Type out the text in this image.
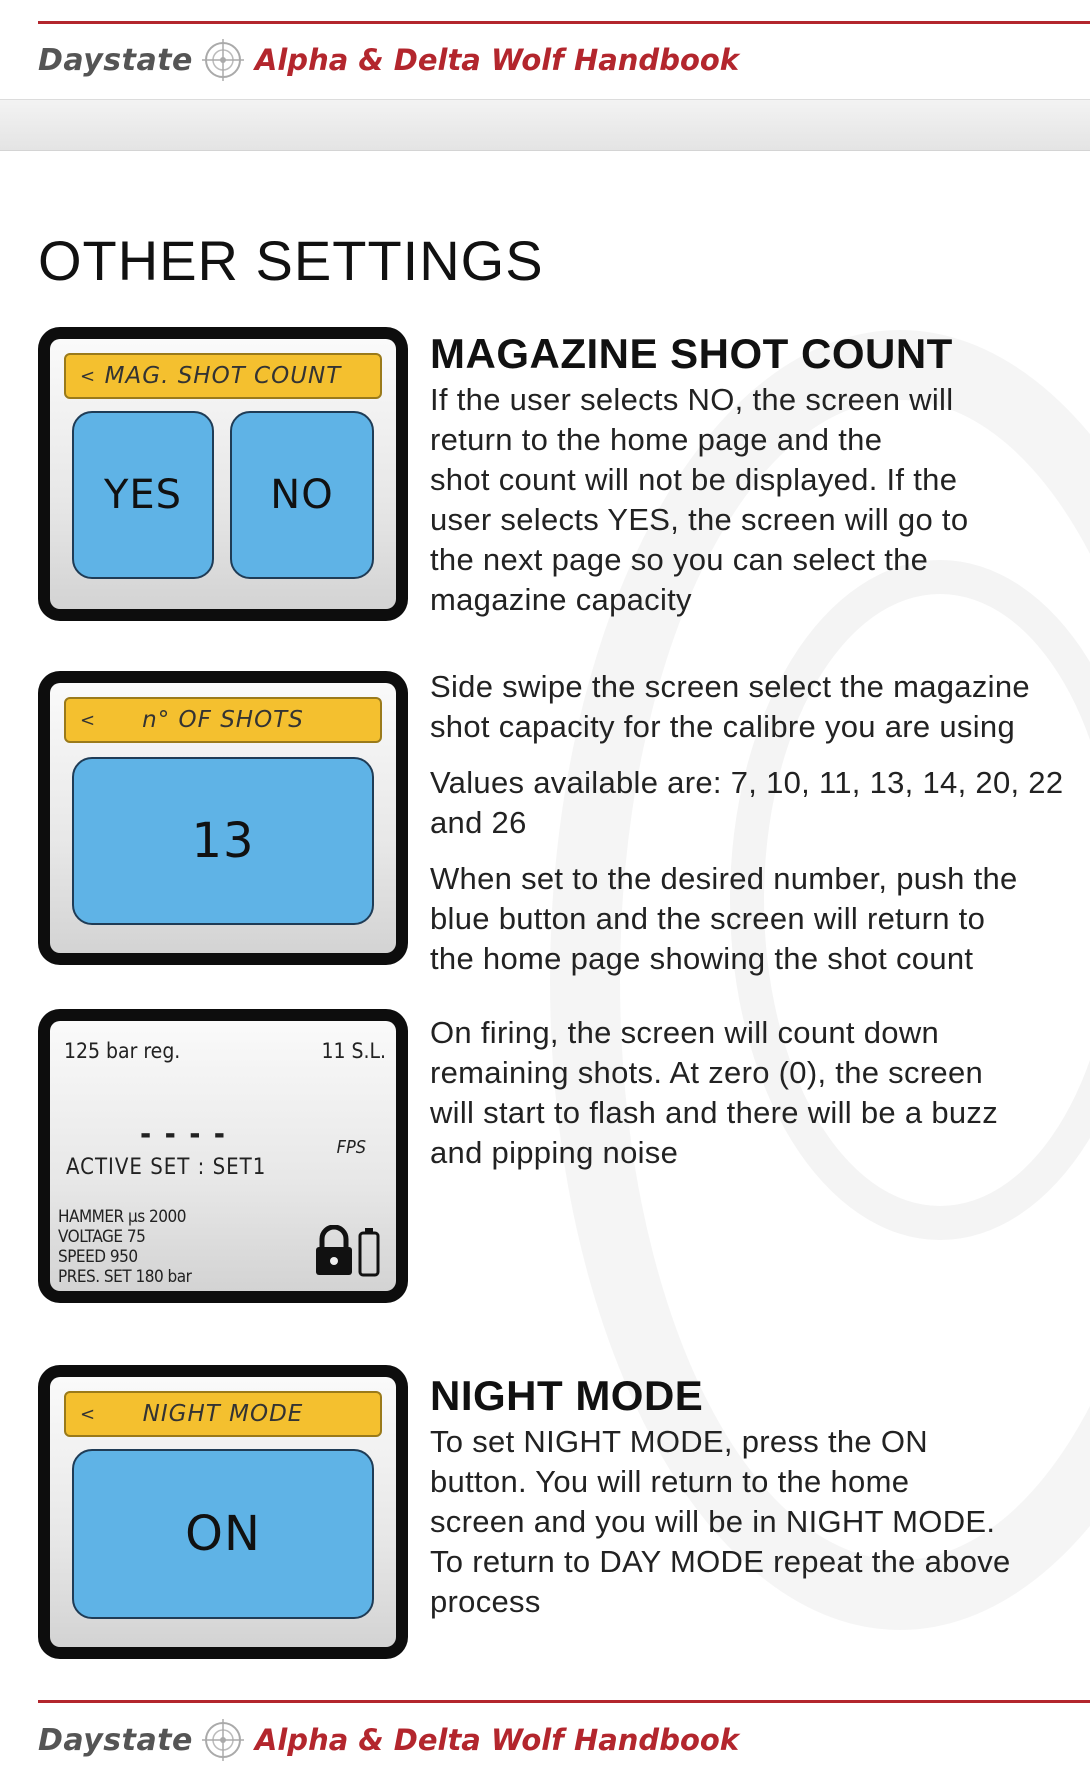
Daystate Alpha & Delta Wolf Handbook
OTHER SETTINGS
< MAG. SHOT COUNT
YES NO
<	n° OF SHOTS
13
125 bar reg.	11 S.L.
- - - -	FPS
ACTIVE SET : SET1
HAMMER µs 2000
VOLTAGE 75
SPEED 950
PRES. SET 180 bar
<	NIGHT MODE
ON
MAGAZINE SHOT COUNT

If the user selects NO, the screen will

return to the home page and the

shot count will not be displayed. If the

user selects YES, the screen will go to

the next page so you can select the

magazine capacity

Side swipe the screen select the magazine

shot capacity for the calibre you are using

Values available are: 7, 10, 11, 13, 14, 20, 22

and 26

When set to the desired number, push the

blue button and the screen will return to

the home page showing the shot count

On firing, the screen will count down

remaining shots. At zero (0), the screen

will start to flash and there will be a buzz

and pipping noise

NIGHT MODE

To set NIGHT MODE, press the ON

button. You will return to the home

screen and you will be in NIGHT MODE.

To return to DAY MODE repeat the above

process

Daystate Alpha & Delta Wolf Handbook
